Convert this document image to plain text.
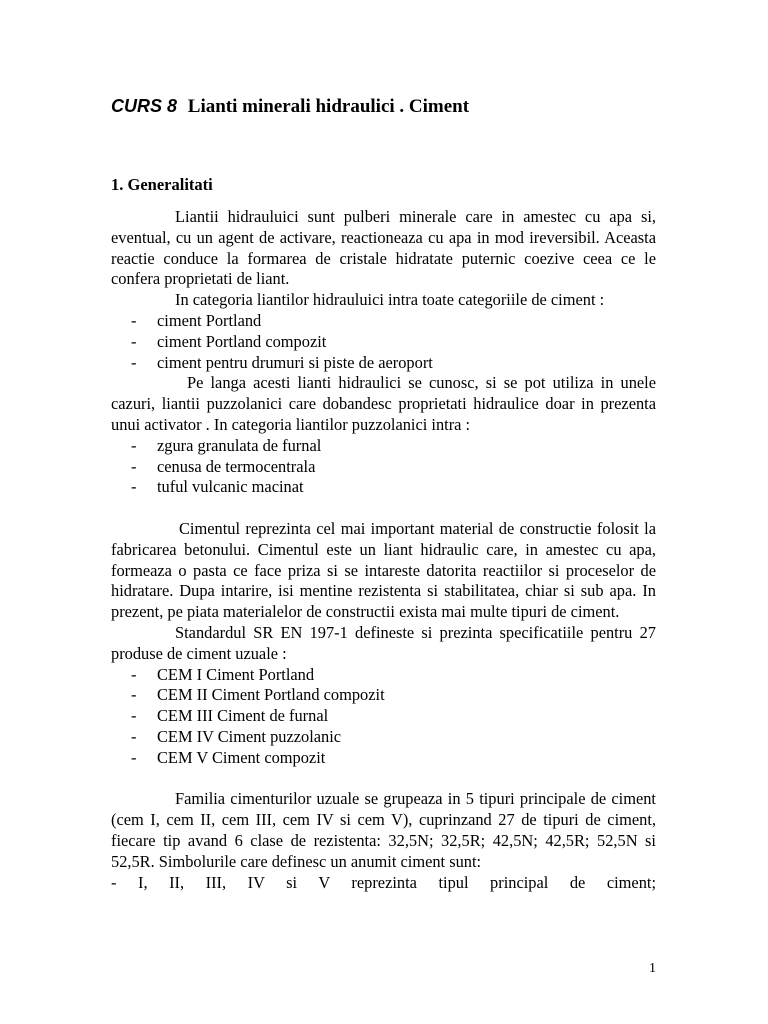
CURS 8 Lianti minerali hidraulici . Ciment
1. Generalitati

Liantii hidrauluici sunt pulberi minerale care in amestec cu apa si, eventual, cu un agent de activare, reactioneaza cu apa in mod ireversibil. Aceasta reactie conduce la formarea de cristale hidratate puternic coezive ceea ce le confera proprietati de liant.

In categoria liantilor hidrauluici intra toate categoriile de ciment :

- ciment Portland
- ciment Portland compozit
- ciment pentru drumuri si piste de aeroport

Pe langa acesti lianti hidraulici se cunosc, si se pot utiliza in unele cazuri, liantii puzzolanici care dobandesc proprietati hidraulice doar in prezenta unui activator . In categoria liantilor puzzolanici intra :

- zgura granulata de furnal
- cenusa de termocentrala
- tuful vulcanic macinat

Cimentul reprezinta cel mai important material de constructie folosit la fabricarea betonului. Cimentul este un liant hidraulic care, in amestec cu apa, formeaza o pasta ce face priza si se intareste datorita reactiilor si proceselor de hidratare. Dupa intarire, isi mentine rezistenta si stabilitatea, chiar si sub apa. In prezent, pe piata materialelor de constructii exista mai multe tipuri de ciment.

Standardul SR EN 197-1 defineste si prezinta specificatiile pentru 27 produse de ciment uzuale :

- CEM I Ciment Portland
- CEM II Ciment Portland compozit
- CEM III Ciment de furnal
- CEM IV Ciment puzzolanic
- CEM V Ciment compozit

Familia cimenturilor uzuale se grupeaza in 5 tipuri principale de ciment (cem I, cem II, cem III, cem IV si cem V), cuprinzand 27 de tipuri de ciment, fiecare tip avand 6 clase de rezistenta: 32,5N; 32,5R; 42,5N; 42,5R; 52,5N si 52,5R. Simbolurile care definesc un anumit ciment sunt:

- I, II, III, IV si V reprezinta tipul principal de ciment;

1
